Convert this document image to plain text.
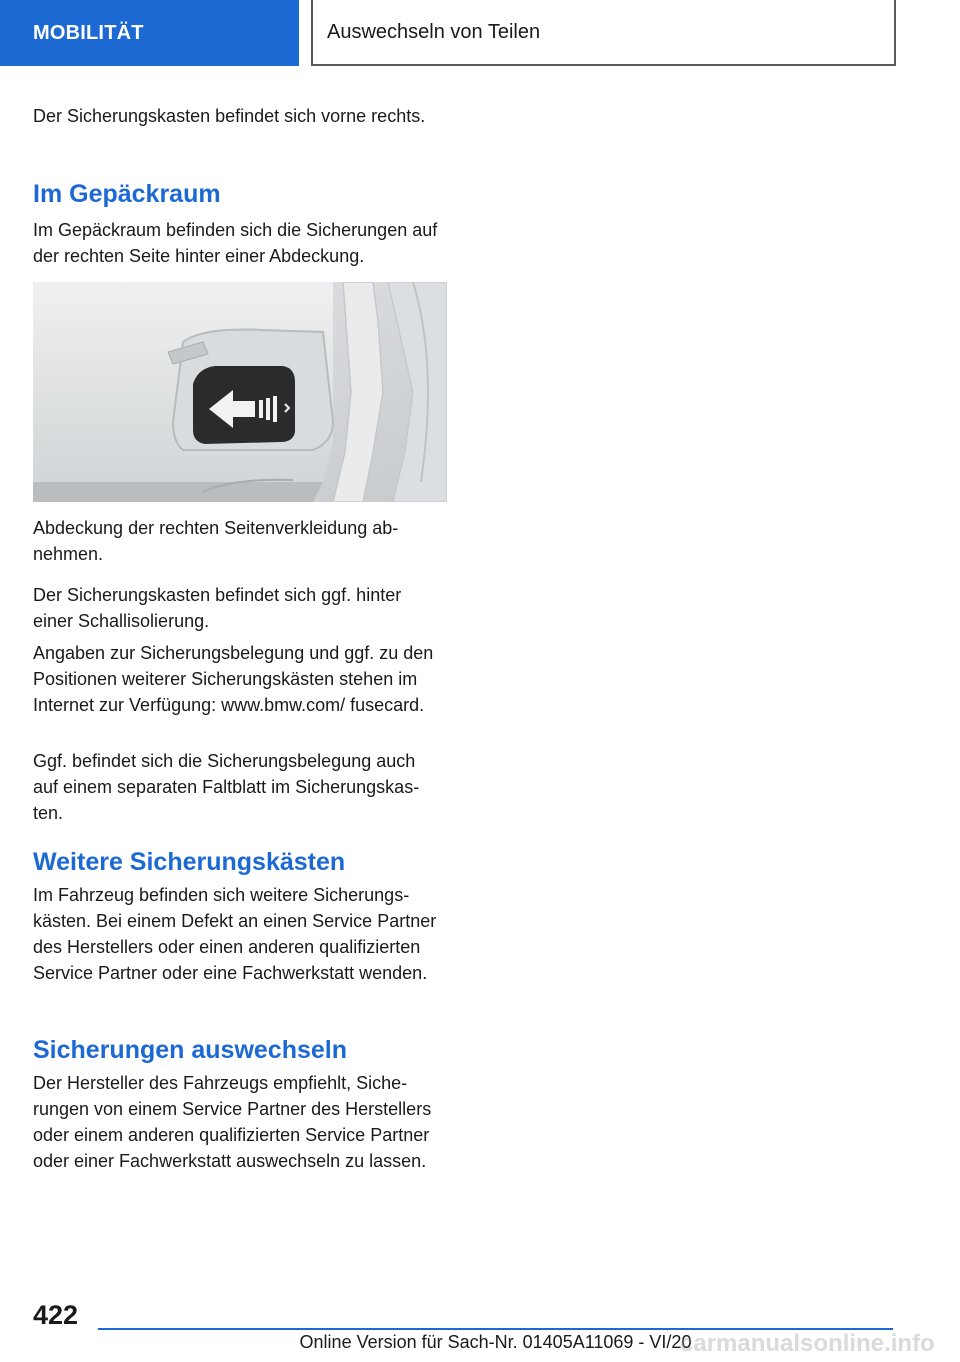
MOBILITÄT	Auswechseln von Teilen

Der Sicherungskasten befindet sich vorne rechts.

Im Gepäckraum

Im Gepäckraum befinden sich die Sicherungen auf der rechten Seite hinter einer Abdeckung.

Abdeckung der rechten Seitenverkleidung abnehmen.

Der Sicherungskasten befindet sich ggf. hinter einer Schallisolierung.

Angaben zur Sicherungsbelegung und ggf. zu den Positionen weiterer Sicherungskästen stehen im Internet zur Verfügung: www.bmw.com/ fusecard.

Ggf. befindet sich die Sicherungsbelegung auch auf einem separaten Faltblatt im Sicherungskasten.

Weitere Sicherungskästen

Im Fahrzeug befinden sich weitere Sicherungskästen. Bei einem Defekt an einen Service Partner des Herstellers oder einen anderen qualifizierten Service Partner oder eine Fachwerkstatt wenden.

Sicherungen auswechseln

Der Hersteller des Fahrzeugs empfiehlt, Sicherungen von einem Service Partner des Herstellers oder einem anderen qualifizierten Service Partner oder einer Fachwerkstatt auswechseln zu lassen.

422
Online Version für Sach-Nr. 01405A11069 - VI/20
carmanualsonline.info
